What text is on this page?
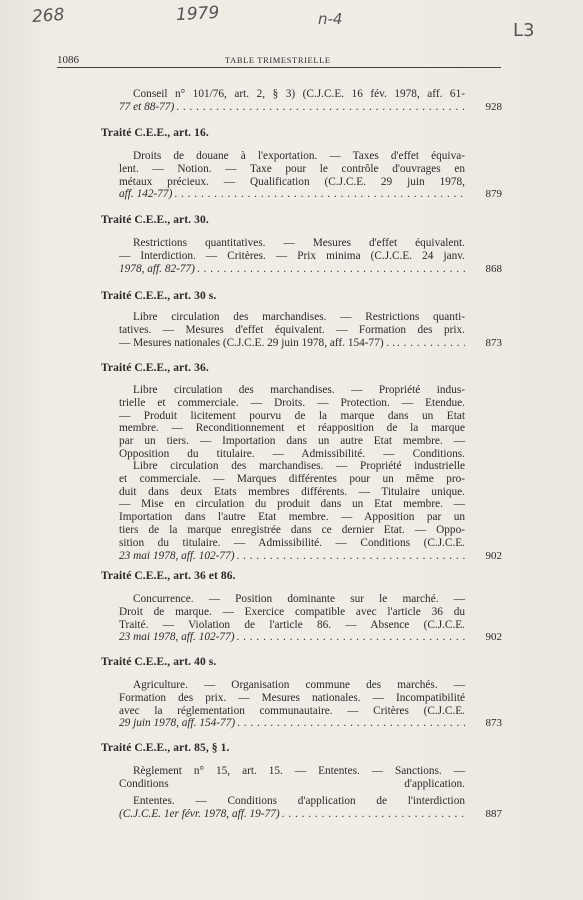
268	1979	n-4
L3
1086	TABLE TRIMESTRIELLE
Conseil n° 101/76, art. 2, § 3) (C.J.C.E. 16 fév. 1978, aff. 61-
77 et 88-77) . . .	928
Traité C.E.E., art. 16.
Droits de douane à l'exportation. — Taxes d'effet équiva-
lent. — Notion. — Taxe pour le contrôle d'ouvrages en
métaux précieux. — Qualification (C.J.C.E. 29 juin 1978,
aff. 142-77) . . .	879
Traité C.E.E., art. 30.
Restrictions quantitatives. — Mesures d'effet équivalent.
— Interdiction. — Critères. — Prix minima (C.J.C.E. 24 janv.
1978, aff. 82-77) . . .	868
Traité C.E.E., art. 30 s.
Libre circulation des marchandises. — Restrictions quanti-
tatives. — Mesures d'effet équivalent. — Formation des prix.
— Mesures nationales (C.J.C.E. 29 juin 1978, aff. 154-77) . . . . .	873
Traité C.E.E., art. 36.
Libre circulation des marchandises. — Propriété indus-
trielle et commerciale. — Droits. — Protection. — Etendue.
— Produit licitement pourvu de la marque dans un Etat
membre. — Reconditionnement et réapposition de la marque
par un tiers. — Importation dans un autre Etat membre. —
Opposition du titulaire. — Admissibilité. — Conditions.
Libre circulation des marchandises. — Propriété industrielle
et commerciale. — Marques différentes pour un même pro-
duit dans deux Etats membres différents. — Titulaire unique.
— Mise en circulation du produit dans un Etat membre. —
Importation dans l'autre Etat membre. — Apposition par un
tiers de la marque enregistrée dans ce dernier Etat. — Oppo-
sition du titulaire. — Admissibilité. — Conditions (C.J.C.E.
23 mai 1978, aff. 102-77) . . .	902
Traité C.E.E., art. 36 et 86.
Concurrence. — Position dominante sur le marché. —
Droit de marque. — Exercice compatible avec l'article 36 du
Traité. — Violation de l'article 86. — Absence (C.J.C.E.
23 mai 1978, aff. 102-77) . . .	902
Traité C.E.E., art. 40 s.
Agriculture. — Organisation commune des marchés. —
Formation des prix. — Mesures nationales. — Incompatibilité
avec la réglementation communautaire. — Critères (C.J.C.E.
29 juin 1978, aff. 154-77) . . .	873
Traité C.E.E., art. 85, § 1.
Règlement n° 15, art. 15. — Ententes. — Sanctions. —
Conditions d'application.
Ententes. — Conditions d'application de l'interdiction
(C.J.C.E. 1er févr. 1978, aff. 19-77) . . .	887
